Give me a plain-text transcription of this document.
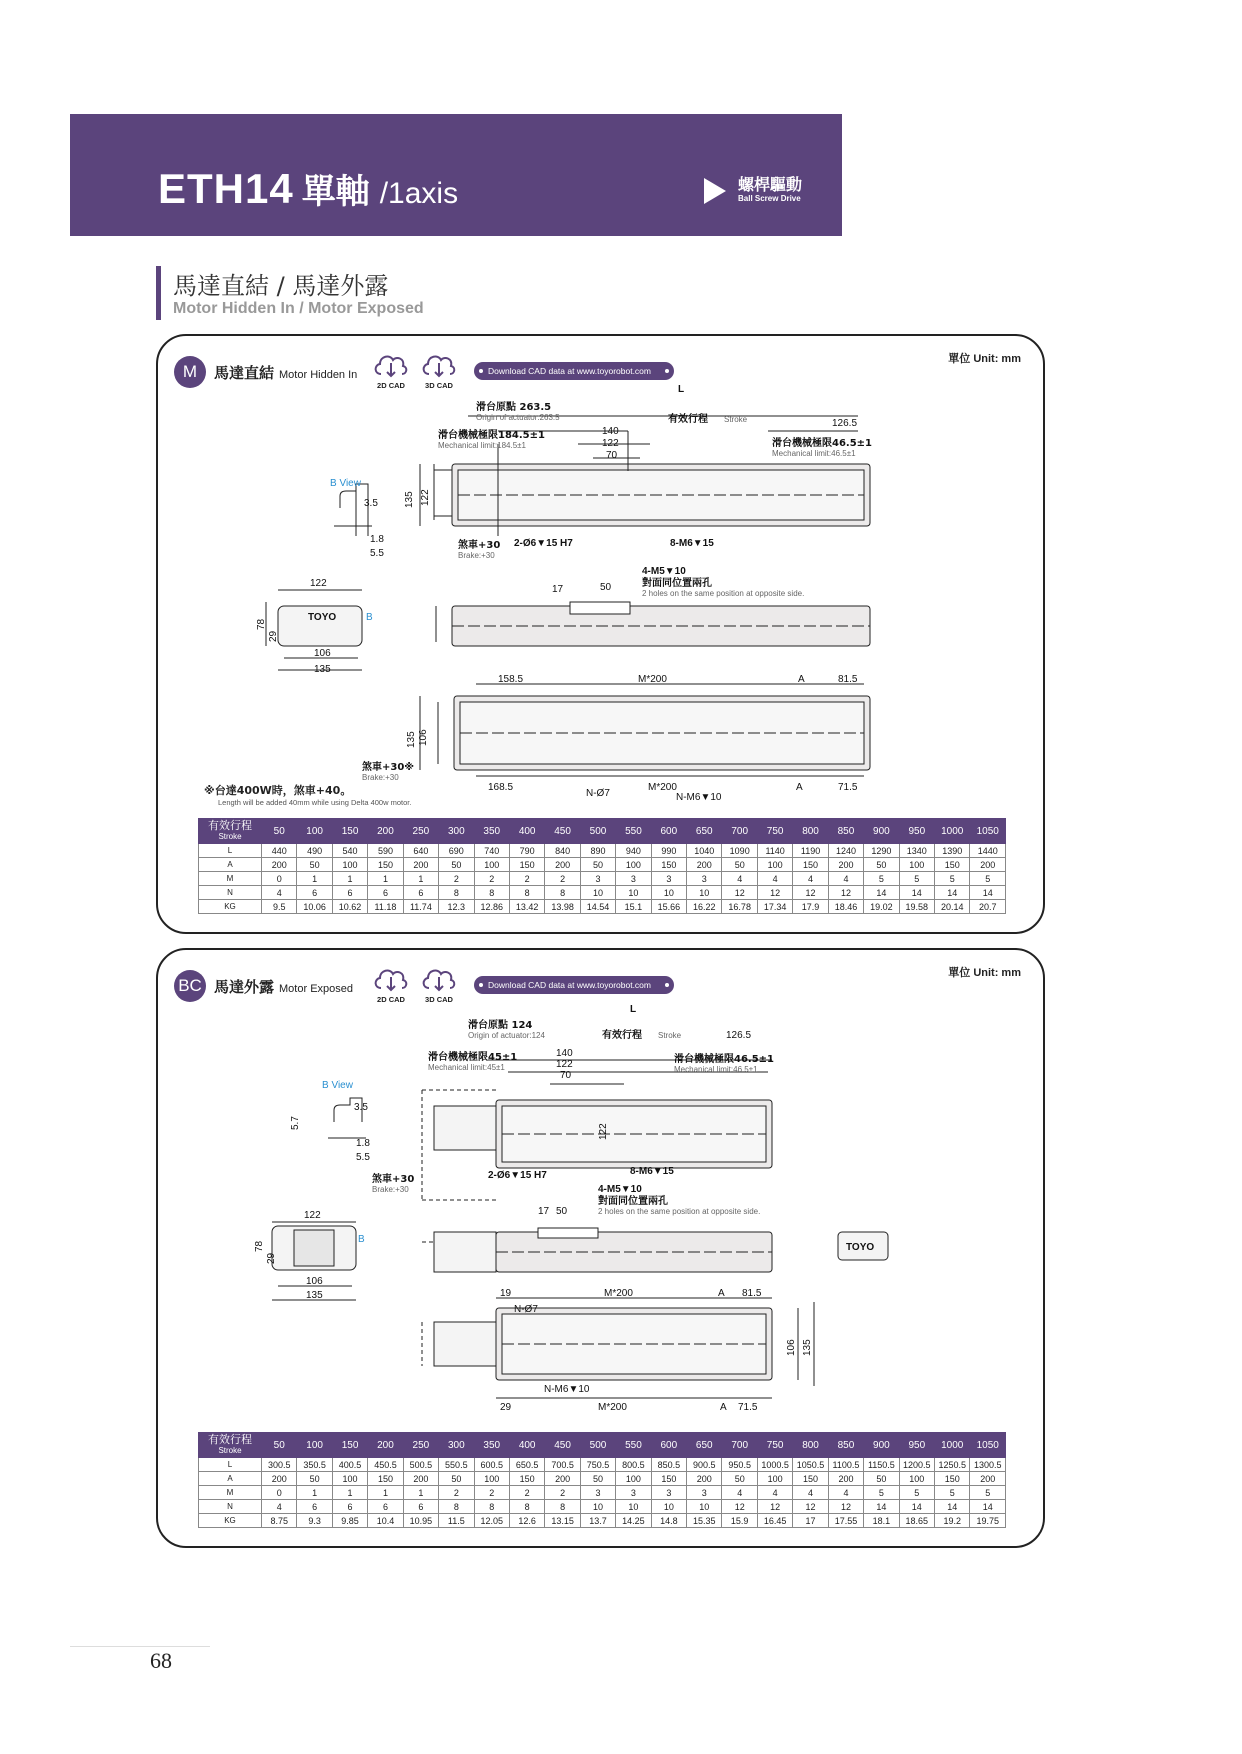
ETH14 單軸 /1axis	螺桿驅動
Ball Screw Drive
馬達直結 / 馬達外露
Motor Hidden In / Motor Exposed
單位 Unit: mm
M	馬達直結 Motor Hidden In
2D CAD	3D CAD
Download CAD data at www.toyorobot.com
滑台原點 263.5
Origin of actuator:263.5
L
有效行程 Stroke	126.5
滑台機械極限184.5±1
Mechanical limit:184.5±1
140
122
70
滑台機械極限46.5±1
Mechanical limit:46.5±1
B View
3.5
1.8
5.5
135 122
煞車+30
Brake:+30
2-Ø6▼15 H7	8-M6▼15
4-M5▼10
對面同位置兩孔
2 holes on the same position at opposite side.
17	50
122
78
29
106
135
TOYO	B
158.5	M*200	A	81.5
135 106
煞車+30※
Brake:+30
168.5
N-Ø7
M*200
N-M6▼10
A	71.5
※台達400W時，煞車+40。
Length will be added 40mm while using Delta 400w motor.
有效行程
Stroke	50	100	150	200	250	300	350	400	450	500	550	600	650	700	750	800	850	900	950	1000	1050
L	440	490	540	590	640	690	740	790	840	890	940	990	1040	1090	1140	1190	1240	1290	1340	1390	1440
A	200	50	100	150	200	50	100	150	200	50	100	150	200	50	100	150	200	50	100	150	200
M	0	1	1	1	1	2	2	2	2	3	3	3	3	4	4	4	4	5	5	5	5
N	4	6	6	6	6	8	8	8	8	10	10	10	10	12	12	12	12	14	14	14	14
KG	9.5	10.06	10.62	11.18	11.74	12.3	12.86	13.42	13.98	14.54	15.1	15.66	16.22	16.78	17.34	17.9	18.46	19.02	19.58	20.14	20.7
單位 Unit: mm
BC 馬達外露 Motor Exposed
2D CAD	3D CAD
Download CAD data at www.toyorobot.com
滑台原點 124
Origin of actuator:124
L
有效行程 Stroke	126.5
滑台機械極限45±1
Mechanical limit:45±1
140
122
70
滑台機械極限46.5±1
Mechanical limit:46.5±1
B View
5.7
3.5
1.8
5.5
122
煞車+30
Brake:+30
2-Ø6▼15 H7	8-M6▼15
4-M5▼10
對面同位置兩孔
2 holes on the same position at opposite side.
17 50
122
78
29
106
135
B
TOYO
19
N-Ø7
M*200	A 81.5
106 135
N-M6▼10
29	M*200	A 71.5
有效行程
Stroke	50	100	150	200	250	300	350	400	450	500	550	600	650	700	750	800	850	900	950	1000	1050
L	300.5	350.5	400.5	450.5	500.5	550.5	600.5	650.5	700.5	750.5	800.5	850.5	900.5	950.5	1000.5	1050.5	1100.5	1150.5	1200.5	1250.5	1300.5
A	200	50	100	150	200	50	100	150	200	50	100	150	200	50	100	150	200	50	100	150	200
M	0	1	1	1	1	2	2	2	2	3	3	3	3	4	4	4	4	5	5	5	5
N	4	6	6	6	6	8	8	8	8	10	10	10	10	12	12	12	12	14	14	14	14
KG	8.75	9.3	9.85	10.4	10.95	11.5	12.05	12.6	13.15	13.7	14.25	14.8	15.35	15.9	16.45	17	17.55	18.1	18.65	19.2	19.75
68
